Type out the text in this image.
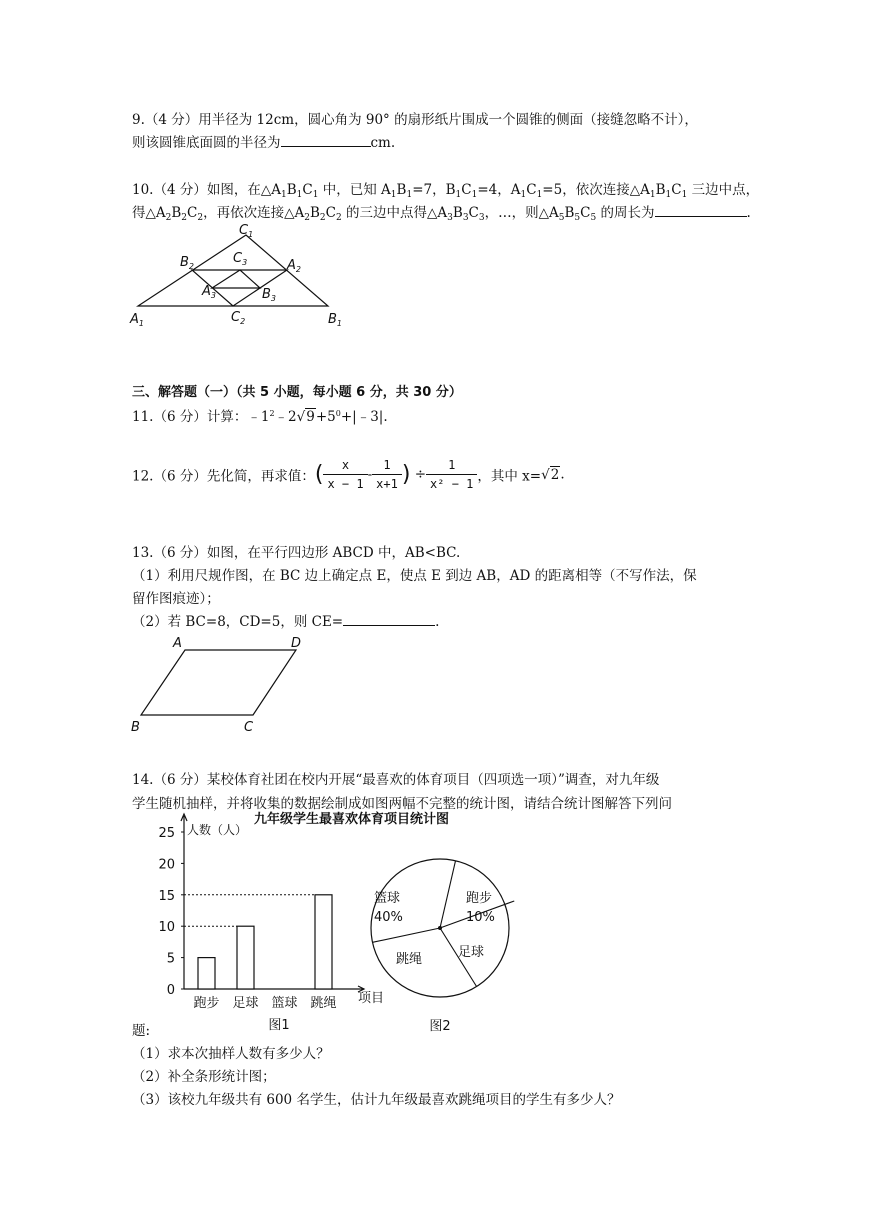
9.（4 分）用半径为 12cm，圆心角为 90° 的扇形纸片围成一个圆锥的侧面（接缝忽略不计），
则该圆锥底面圆的半径为	cm.
10.（4 分）如图，在$\triangle A_1B_1C_1$ 中，已知 $A_1B_1=7$，$B_1C_1=4$，$A_1C_1=5$，依次连接$\triangle A_1B_1C_1$ 三边中点，
得$\triangle A_2B_2C_2$，再依次连接$\triangle A_2B_2C_2$ 的三边中点得$\triangle A_3B_3C_3$，…，则$\triangle A_5B_5C_5$ 的周长为	.
$C_1$
$B_2$	$A_2$
$C_3$
$A_3$	$B_3$
$A_1$	$C_2$	$B_1$
三、解答题（一）（共 5 小题，每小题 6 分，共 30 分）
11.（6 分）计算：$﹣1^2﹣2√9+5^0+|﹣3|$.
12.（6 分）先化简，再求值：( $\frac{x}{x - 1} - \frac{1}{x+1}$ ) ÷ $\frac{1}{\text{x² − 1}}$ ，其中 x=√2.
13.（6 分）如图，在平行四边形 ABCD 中，AB<BC.
（1）利用尺规作图，在 BC 边上确定点 E，使点 E 到边 AB，AD 的距离相等（不写作法，保
留作图痕迹）；
（2）若 BC=8，CD=5，则 CE=	.
A	D
B	C
14.（6 分）某校体育社团在校内开展“最喜欢的体育项目（四项选一项）”调查，对九年级
学生随机抽样，并将收集的数据绘制成如图两幅不完整的统计图，请结合统计图解答下列问
0
5
10
15
20
25 人数（人）
九年级学生最喜欢体育项目统计图
项目
跑步 足球 篮球 跳绳
图1
篮球
40%
跑步
10%
足球
跳绳
图2
题:
（1）求本次抽样人数有多少人？
（2）补全条形统计图；
（3）该校九年级共有 600 名学生，估计九年级最喜欢跳绳项目的学生有多少人？
